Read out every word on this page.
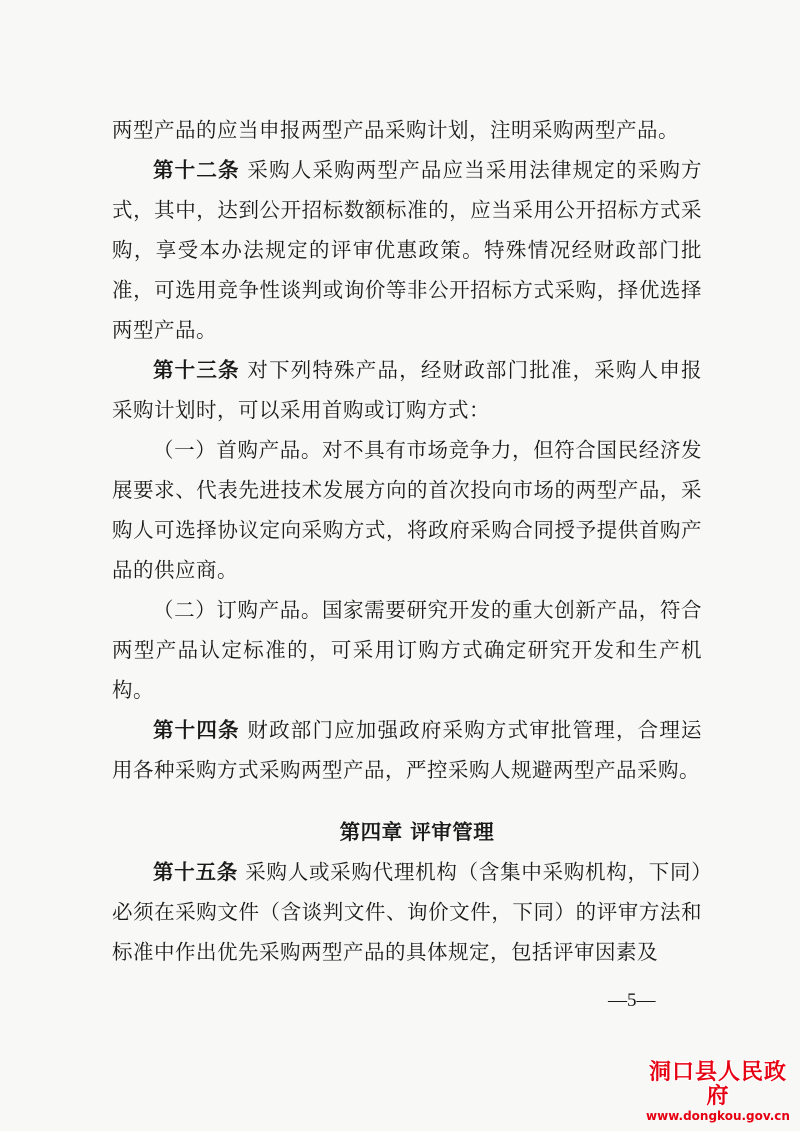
两型产品的应当申报两型产品采购计划，注明采购两型产品。

第十二条 采购人采购两型产品应当采用法律规定的采购方式，其中，达到公开招标数额标准的，应当采用公开招标方式采购，享受本办法规定的评审优惠政策。特殊情况经财政部门批准，可选用竞争性谈判或询价等非公开招标方式采购，择优选择两型产品。

第十三条 对下列特殊产品，经财政部门批准，采购人申报采购计划时，可以采用首购或订购方式：

（一）首购产品。对不具有市场竞争力，但符合国民经济发展要求、代表先进技术发展方向的首次投向市场的两型产品，采购人可选择协议定向采购方式，将政府采购合同授予提供首购产品的供应商。

（二）订购产品。国家需要研究开发的重大创新产品，符合两型产品认定标准的，可采用订购方式确定研究开发和生产机构。

第十四条 财政部门应加强政府采购方式审批管理，合理运用各种采购方式采购两型产品，严控采购人规避两型产品采购。

第四章 评审管理

第十五条 采购人或采购代理机构（含集中采购机构，下同）必须在采购文件（含谈判文件、询价文件，下同）的评审方法和标准中作出优先采购两型产品的具体规定，包括评审因素及

—5—
洞口县人民政府
www.dongkou.gov.cn
